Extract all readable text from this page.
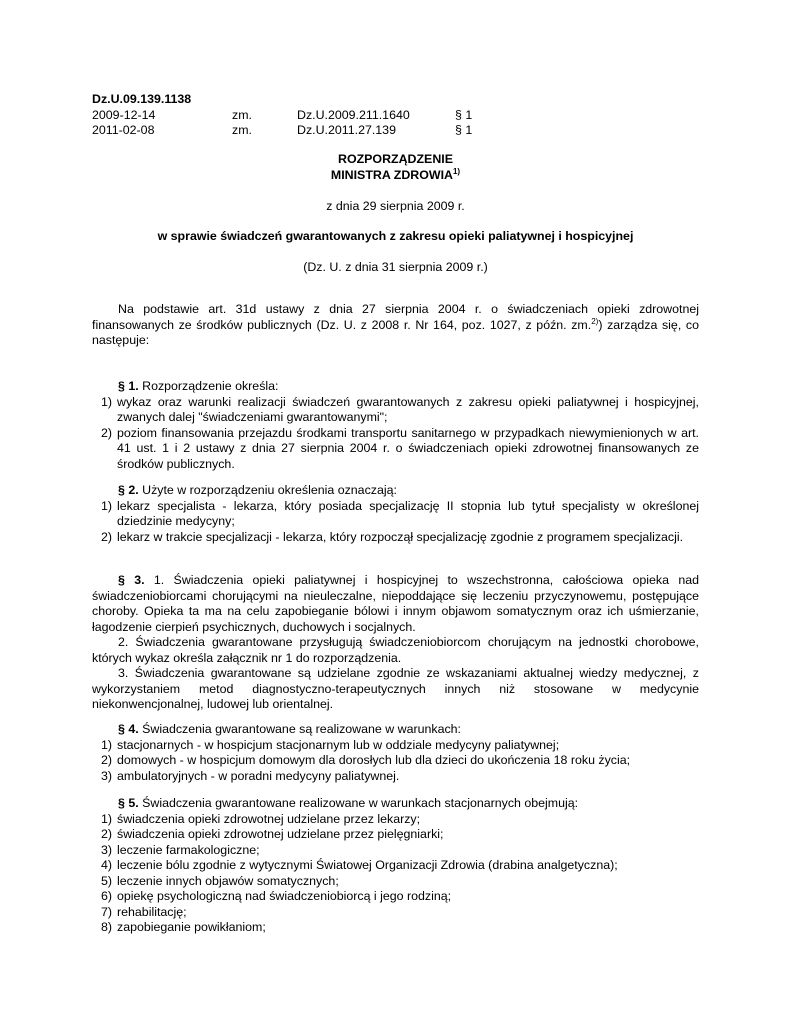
Dz.U.09.139.1138
2009-12-14	zm.	Dz.U.2009.211.1640	§ 1
2011-02-08	zm.	Dz.U.2011.27.139	§ 1
ROZPORZĄDZENIE
MINISTRA ZDROWIA$^{1)}$
z dnia 29 sierpnia 2009 r.
w sprawie świadczeń gwarantowanych z zakresu opieki paliatywnej i hospicyjnej
(Dz. U. z dnia 31 sierpnia 2009 r.)

Na podstawie art. 31d ustawy z dnia 27 sierpnia 2004 r. o świadczeniach opieki zdrowotnej finansowanych ze środków publicznych (Dz. U. z 2008 r. Nr 164, poz. 1027, z późn. zm.$^{2)}$) zarządza się, co następuje:

§ 1. Rozporządzenie określa:

1) wykaz oraz warunki realizacji świadczeń gwarantowanych z zakresu opieki paliatywnej i hospicyjnej, zwanych dalej "świadczeniami gwarantowanymi";
2) poziom finansowania przejazdu środkami transportu sanitarnego w przypadkach niewymienionych w art. 41 ust. 1 i 2 ustawy z dnia 27 sierpnia 2004 r. o świadczeniach opieki zdrowotnej finansowanych ze środków publicznych.

§ 2. Użyte w rozporządzeniu określenia oznaczają:

1) lekarz specjalista - lekarza, który posiada specjalizację II stopnia lub tytuł specjalisty w określonej dziedzinie medycyny;
2) lekarz w trakcie specjalizacji - lekarza, który rozpoczął specjalizację zgodnie z programem specjalizacji.

§ 3. 1. Świadczenia opieki paliatywnej i hospicyjnej to wszechstronna, całościowa opieka nad świadczeniobiorcami chorującymi na nieuleczalne, niepoddające się leczeniu przyczynowemu, postępujące choroby. Opieka ta ma na celu zapobieganie bólowi i innym objawom somatycznym oraz ich uśmierzanie, łagodzenie cierpień psychicznych, duchowych i socjalnych.

2. Świadczenia gwarantowane przysługują świadczeniobiorcom chorującym na jednostki chorobowe, których wykaz określa załącznik nr 1 do rozporządzenia.

3. Świadczenia gwarantowane są udzielane zgodnie ze wskazaniami aktualnej wiedzy medycznej, z wykorzystaniem metod diagnostyczno-terapeutycznych innych niż stosowane w medycynie niekonwencjonalnej, ludowej lub orientalnej.

§ 4. Świadczenia gwarantowane są realizowane w warunkach:

1) stacjonarnych - w hospicjum stacjonarnym lub w oddziale medycyny paliatywnej;
2) domowych - w hospicjum domowym dla dorosłych lub dla dzieci do ukończenia 18 roku życia;
3) ambulatoryjnych - w poradni medycyny paliatywnej.

§ 5. Świadczenia gwarantowane realizowane w warunkach stacjonarnych obejmują:

1) świadczenia opieki zdrowotnej udzielane przez lekarzy;
2) świadczenia opieki zdrowotnej udzielane przez pielęgniarki;
3) leczenie farmakologiczne;
4) leczenie bólu zgodnie z wytycznymi Światowej Organizacji Zdrowia (drabina analgetyczna);
5) leczenie innych objawów somatycznych;
6) opiekę psychologiczną nad świadczeniobiorcą i jego rodziną;
7) rehabilitację;
8) zapobieganie powikłaniom;
